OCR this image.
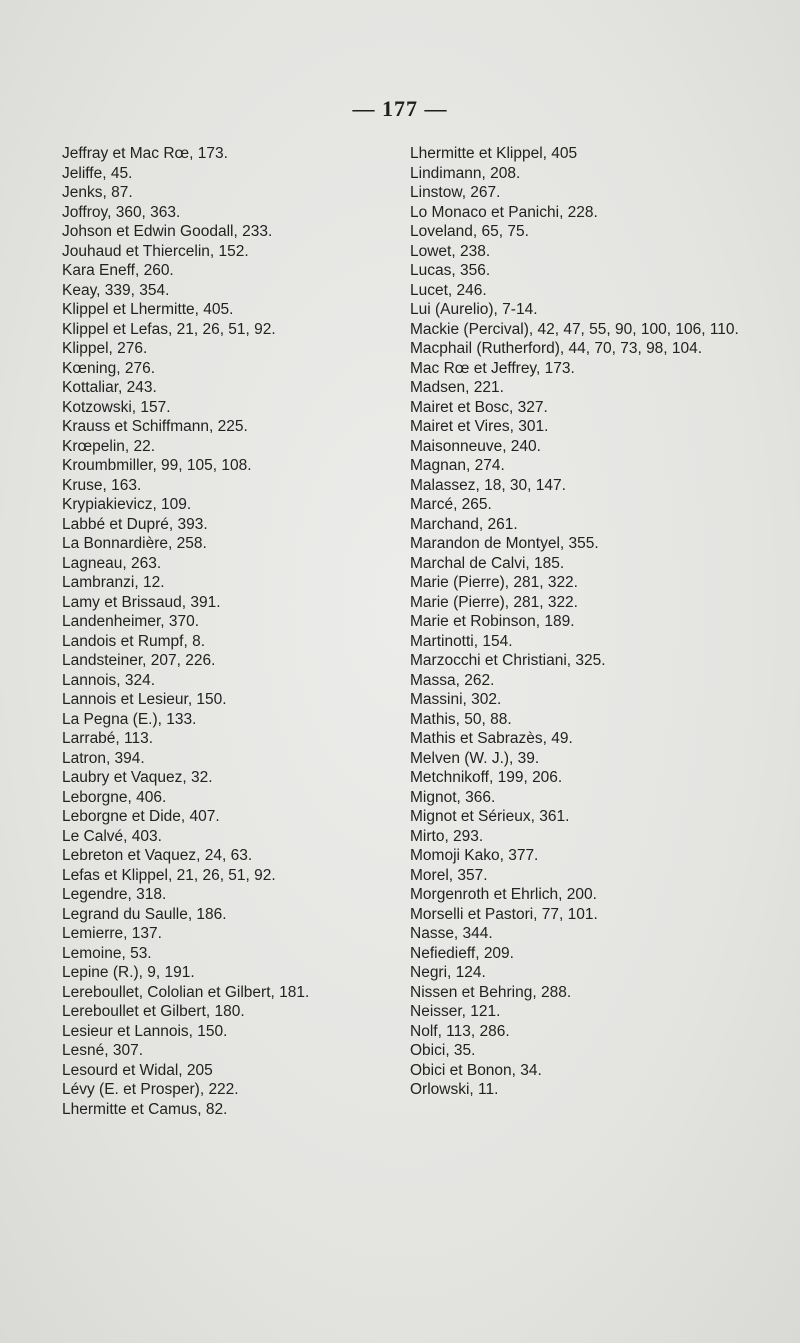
— 177 —
Jeffray et Mac Rœ, 173.
Jeliffe, 45.
Jenks, 87.
Joffroy, 360, 363.
Johson et Edwin Goodall, 233.
Jouhaud et Thiercelin, 152.
Kara Eneff, 260.
Keay, 339, 354.
Klippel et Lhermitte, 405.
Klippel et Lefas, 21, 26, 51, 92.
Klippel, 276.
Kœning, 276.
Kottaliar, 243.
Kotzowski, 157.
Krauss et Schiffmann, 225.
Krœpelin, 22.
Kroumbmiller, 99, 105, 108.
Kruse, 163.
Krypiakievicz, 109.
Labbé et Dupré, 393.
La Bonnardière, 258.
Lagneau, 263.
Lambranzi, 12.
Lamy et Brissaud, 391.
Landenheimer, 370.
Landois et Rumpf, 8.
Landsteiner, 207, 226.
Lannois, 324.
Lannois et Lesieur, 150.
La Pegna (E.), 133.
Larrabé, 113.
Latron, 394.
Laubry et Vaquez, 32.
Leborgne, 406.
Leborgne et Dide, 407.
Le Calvé, 403.
Lebreton et Vaquez, 24, 63.
Lefas et Klippel, 21, 26, 51, 92.
Legendre, 318.
Legrand du Saulle, 186.
Lemierre, 137.
Lemoine, 53.
Lepine (R.), 9, 191.
Lereboullet, Cololian et Gilbert, 181.
Lereboullet et Gilbert, 180.
Lesieur et Lannois, 150.
Lesné, 307.
Lesourd et Widal, 205
Lévy (E. et Prosper), 222.
Lhermitte et Camus, 82.
Lhermitte et Klippel, 405
Lindimann, 208.
Linstow, 267.
Lo Monaco et Panichi, 228.
Loveland, 65, 75.
Lowet, 238.
Lucas, 356.
Lucet, 246.
Lui (Aurelio), 7-14.
Mackie (Percival), 42, 47, 55, 90, 100, 106, 110.
Macphail (Rutherford), 44, 70, 73, 98, 104.
Mac Rœ et Jeffrey, 173.
Madsen, 221.
Mairet et Bosc, 327.
Mairet et Vires, 301.
Maisonneuve, 240.
Magnan, 274.
Malassez, 18, 30, 147.
Marcé, 265.
Marchand, 261.
Marandon de Montyel, 355.
Marchal de Calvi, 185.
Marie (Pierre), 281, 322.
Marie (Pierre), 281, 322.
Marie et Robinson, 189.
Martinotti, 154.
Marzocchi et Christiani, 325.
Massa, 262.
Massini, 302.
Mathis, 50, 88.
Mathis et Sabrazès, 49.
Melven (W. J.), 39.
Metchnikoff, 199, 206.
Mignot, 366.
Mignot et Sérieux, 361.
Mirto, 293.
Momoji Kako, 377.
Morel, 357.
Morgenroth et Ehrlich, 200.
Morselli et Pastori, 77, 101.
Nasse, 344.
Nefiedieff, 209.
Negri, 124.
Nissen et Behring, 288.
Neisser, 121.
Nolf, 113, 286.
Obici, 35.
Obici et Bonon, 34.
Orlowski, 11.
